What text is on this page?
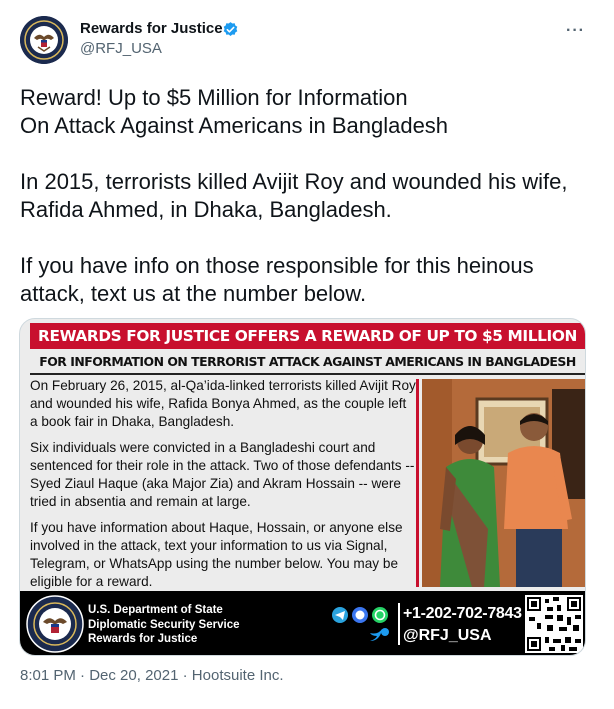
Rewards for Justice
@RFJ_USA
···

Reward! Up to $5 Million for Information
On Attack Against Americans in Bangladesh

In 2015, terrorists killed Avijit Roy and wounded his wife, Rafida Ahmed, in Dhaka, Bangladesh.

If you have info on those responsible for this heinous attack, text us at the number below.

REWARDS FOR JUSTICE OFFERS A REWARD OF UP TO $5 MILLION
FOR INFORMATION ON TERRORIST ATTACK AGAINST AMERICANS IN BANGLADESH

On February 26, 2015, al-Qa’ida-linked terrorists killed Avijit Roy and wounded his wife, Rafida Bonya Ahmed, as the couple left a book fair in Dhaka, Bangladesh.

Six individuals were convicted in a Bangladeshi court and sentenced for their role in the attack. Two of those defendants -- Syed Ziaul Haque (aka Major Zia) and Akram Hossain -- were tried in absentia and remain at large.

If you have information about Haque, Hossain, or anyone else involved in the attack, text your information to us via Signal, Telegram, or WhatsApp using the number below. You may be eligible for a reward.

U.S. Department of State
Diplomatic Security Service
Rewards for Justice
+1-202-702-7843
@RFJ_USA
8:01 PM · Dec 20, 2021 · Hootsuite Inc.
